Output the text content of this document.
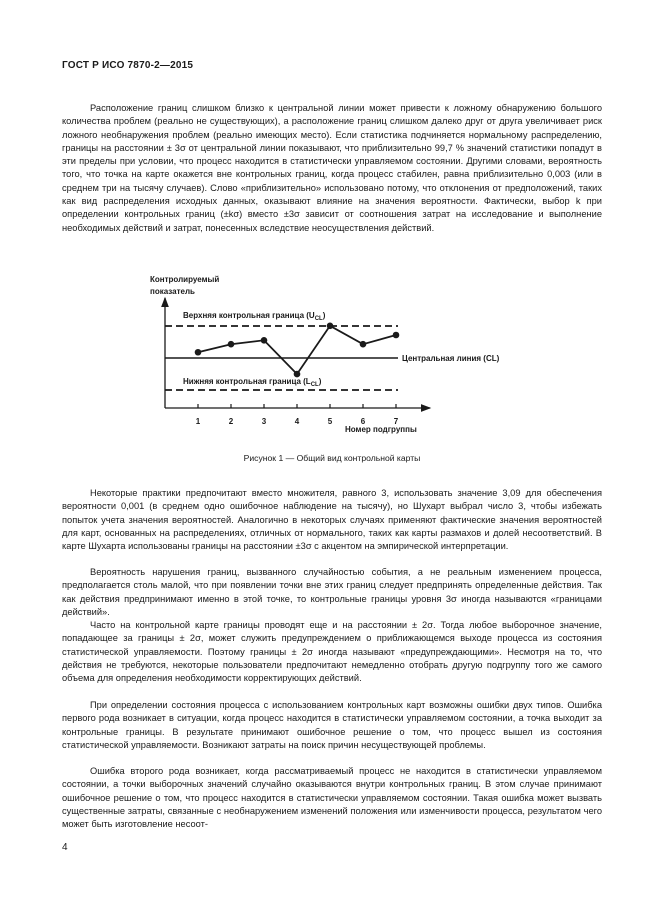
ГОСТ Р ИСО 7870-2—2015

Расположение границ слишком близко к центральной линии может привести к ложному обнаружению большого количества проблем (реально не существующих), а расположение границ слишком далеко друг от друга увеличивает риск ложного необнаружения проблем (реально имеющих место). Если статистика подчиняется нормальному распределению, границы на расстоянии ± 3σ от центральной линии показывают, что приблизительно 99,7 % значений статистики попадут в эти пределы при условии, что процесс находится в статистически управляемом состоянии. Другими словами, вероятность того, что точка на карте окажется вне контрольных границ, когда процесс стабилен, равна приблизительно 0,003 (или в среднем три на тысячу случаев). Слово «приблизительно» использовано потому, что отклонения от предположений, таких как вид распределения исходных данных, оказывают влияние на значения вероятности. Фактически, выбор k при определении контрольных границ (±kσ) вместо ±3σ зависит от соотношения затрат на исследование и выполнение необходимых действий и затрат, понесенных вследствие неосуществления действий.

Контролируемый
показатель
Верхняя контрольная граница $(U_{CL})$
Центральная линия (CL)
Нижняя контрольная граница $(L_{CL})$
1	2	3	4	5	6	7
Номер подгруппы
Рисунок 1 — Общий вид контрольной карты

Некоторые практики предпочитают вместо множителя, равного 3, использовать значение 3,09 для обеспечения вероятности 0,001 (в среднем одно ошибочное наблюдение на тысячу), но Шухарт выбрал число 3, чтобы избежать попыток учета значения вероятностей. Аналогично в некоторых случаях применяют фактические значения вероятностей для карт, основанных на распределениях, отличных от нормального, таких как карты размахов и долей несоответствий. В карте Шухарта использованы границы на расстоянии ±3σ с акцентом на эмпирической интерпретации.

Вероятность нарушения границ, вызванного случайностью события, а не реальным изменением процесса, предполагается столь малой, что при появлении точки вне этих границ следует предпринять определенные действия. Так как действия предпринимают именно в этой точке, то контрольные границы уровня 3σ иногда называются «границами действий».

Часто на контрольной карте границы проводят еще и на расстоянии ± 2σ. Тогда любое выборочное значение, попадающее за границы ± 2σ, может служить предупреждением о приближающемся выходе процесса из состояния статистической управляемости. Поэтому границы ± 2σ иногда называют «предупреждающими». Несмотря на то, что действия не требуются, некоторые пользователи предпочитают немедленно отобрать другую подгруппу того же самого объема для определения необходимости корректирующих действий.

При определении состояния процесса с использованием контрольных карт возможны ошибки двух типов. Ошибка первого рода возникает в ситуации, когда процесс находится в статистически управляемом состоянии, а точка выходит за контрольные границы. В результате принимают ошибочное решение о том, что процесс вышел из состояния статистической управляемости. Возникают затраты на поиск причин несуществующей проблемы.

Ошибка второго рода возникает, когда рассматриваемый процесс не находится в статистически управляемом состоянии, а точки выборочных значений случайно оказываются внутри контрольных границ. В этом случае принимают ошибочное решение о том, что процесс находится в статистически управляемом состоянии. Такая ошибка может вызвать существенные затраты, связанные с необнаружением изменений положения или изменчивости процесса, результатом чего может быть изготовление несоот-

4
